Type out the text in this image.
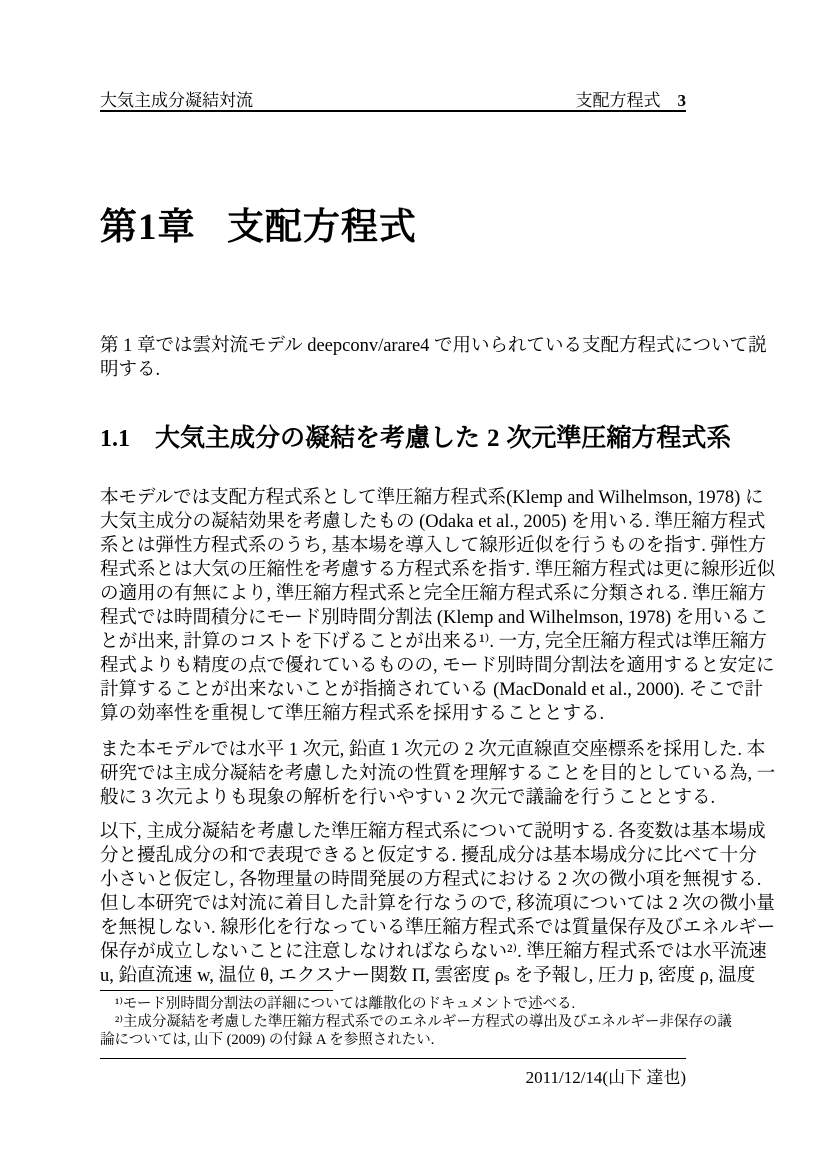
大気主成分凝結対流	支配方程式 3
第1章 支配方程式
第 1 章では雲対流モデル deepconv/arare4 で用いられている支配方程式について説
明する.
1.1 大気主成分の凝結を考慮した 2 次元準圧縮方程式系
本モデルでは支配方程式系として準圧縮方程式系(Klemp and Wilhelmson, 1978) に
大気主成分の凝結効果を考慮したもの (Odaka et al., 2005) を用いる. 準圧縮方程式
系とは弾性方程式系のうち, 基本場を導入して線形近似を行うものを指す. 弾性方
程式系とは大気の圧縮性を考慮する方程式系を指す. 準圧縮方程式は更に線形近似
の適用の有無により, 準圧縮方程式系と完全圧縮方程式系に分類される. 準圧縮方
程式では時間積分にモード別時間分割法 (Klemp and Wilhelmson, 1978) を用いるこ
とが出来, 計算のコストを下げることが出来る¹⁾. 一方, 完全圧縮方程式は準圧縮方
程式よりも精度の点で優れているものの, モード別時間分割法を適用すると安定に
計算することが出来ないことが指摘されている (MacDonald et al., 2000). そこで計
算の効率性を重視して準圧縮方程式系を採用することとする.
また本モデルでは水平 1 次元, 鉛直 1 次元の 2 次元直線直交座標系を採用した. 本
研究では主成分凝結を考慮した対流の性質を理解することを目的としている為, 一
般に 3 次元よりも現象の解析を行いやすい 2 次元で議論を行うこととする.
以下, 主成分凝結を考慮した準圧縮方程式系について説明する. 各変数は基本場成
分と擾乱成分の和で表現できると仮定する. 擾乱成分は基本場成分に比べて十分
小さいと仮定し, 各物理量の時間発展の方程式における 2 次の微小項を無視する.
但し本研究では対流に着目した計算を行なうので, 移流項については 2 次の微小量
を無視しない. 線形化を行なっている準圧縮方程式系では質量保存及びエネルギー
保存が成立しないことに注意しなければならない²⁾. 準圧縮方程式系では水平流速
u, 鉛直流速 w, 温位 θ, エクスナー関数 Π, 雲密度 ρₛ を予報し, 圧力 p, 密度 ρ, 温度
¹⁾モード別時間分割法の詳細については離散化のドキュメントで述べる.
²⁾主成分凝結を考慮した準圧縮方程式系でのエネルギー方程式の導出及びエネルギー非保存の議
論については, 山下 (2009) の付録 A を参照されたい.
2011/12/14(山下 達也)
